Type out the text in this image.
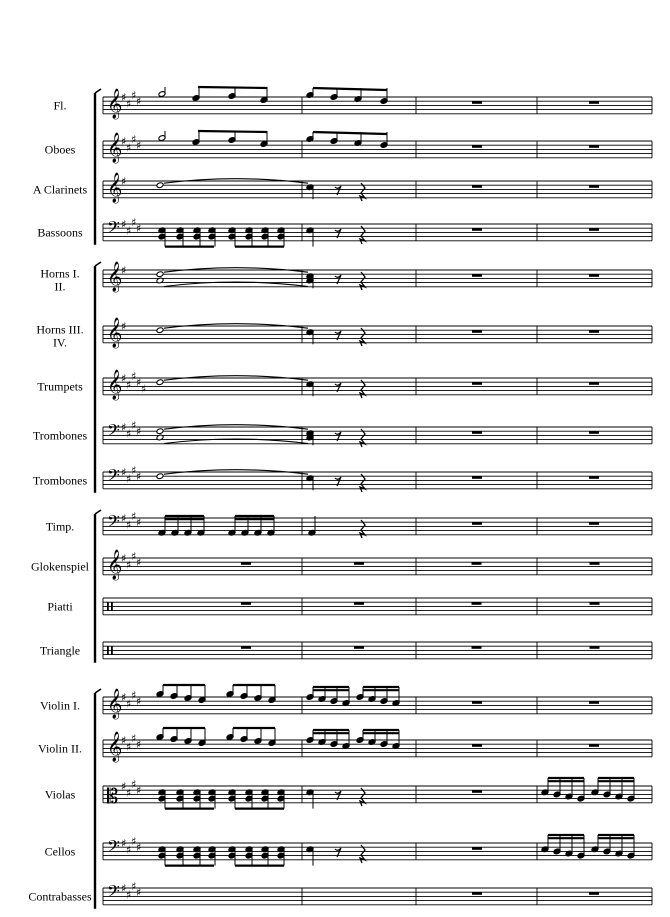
Fl. 𝄞
♯ ♯
♯ ♯
Oboes 𝄞
♯ ♯
♯ ♯
A Clarinets 𝄞
♯
Bassoons 𝄢 ♯ ♯
♯ ♯
Horns I. II.	𝄞
♯
Horns III. IV.	𝄞
♯
Trumpets 𝄞
♯ ♯
♯ ♯ ♯
Trombones 𝄢 ♯ ♯
♯ ♯
Trombones 𝄢 ♯ ♯
♯ ♯
Timp. 𝄢 ♯ ♯
♯ ♯
Glokenspiel 𝄞
♯ ♯
♯ ♯
Piatti
Triangle
Violin I. 𝄞
♯ ♯
♯ ♯
Violin II. 𝄞
♯ ♯
♯ ♯
Violas 𝄡 ♯ ♯
♯ ♯
Cellos 𝄢 ♯ ♯
♯ ♯
Contrabasses 𝄢 ♯ ♯
♯ ♯
